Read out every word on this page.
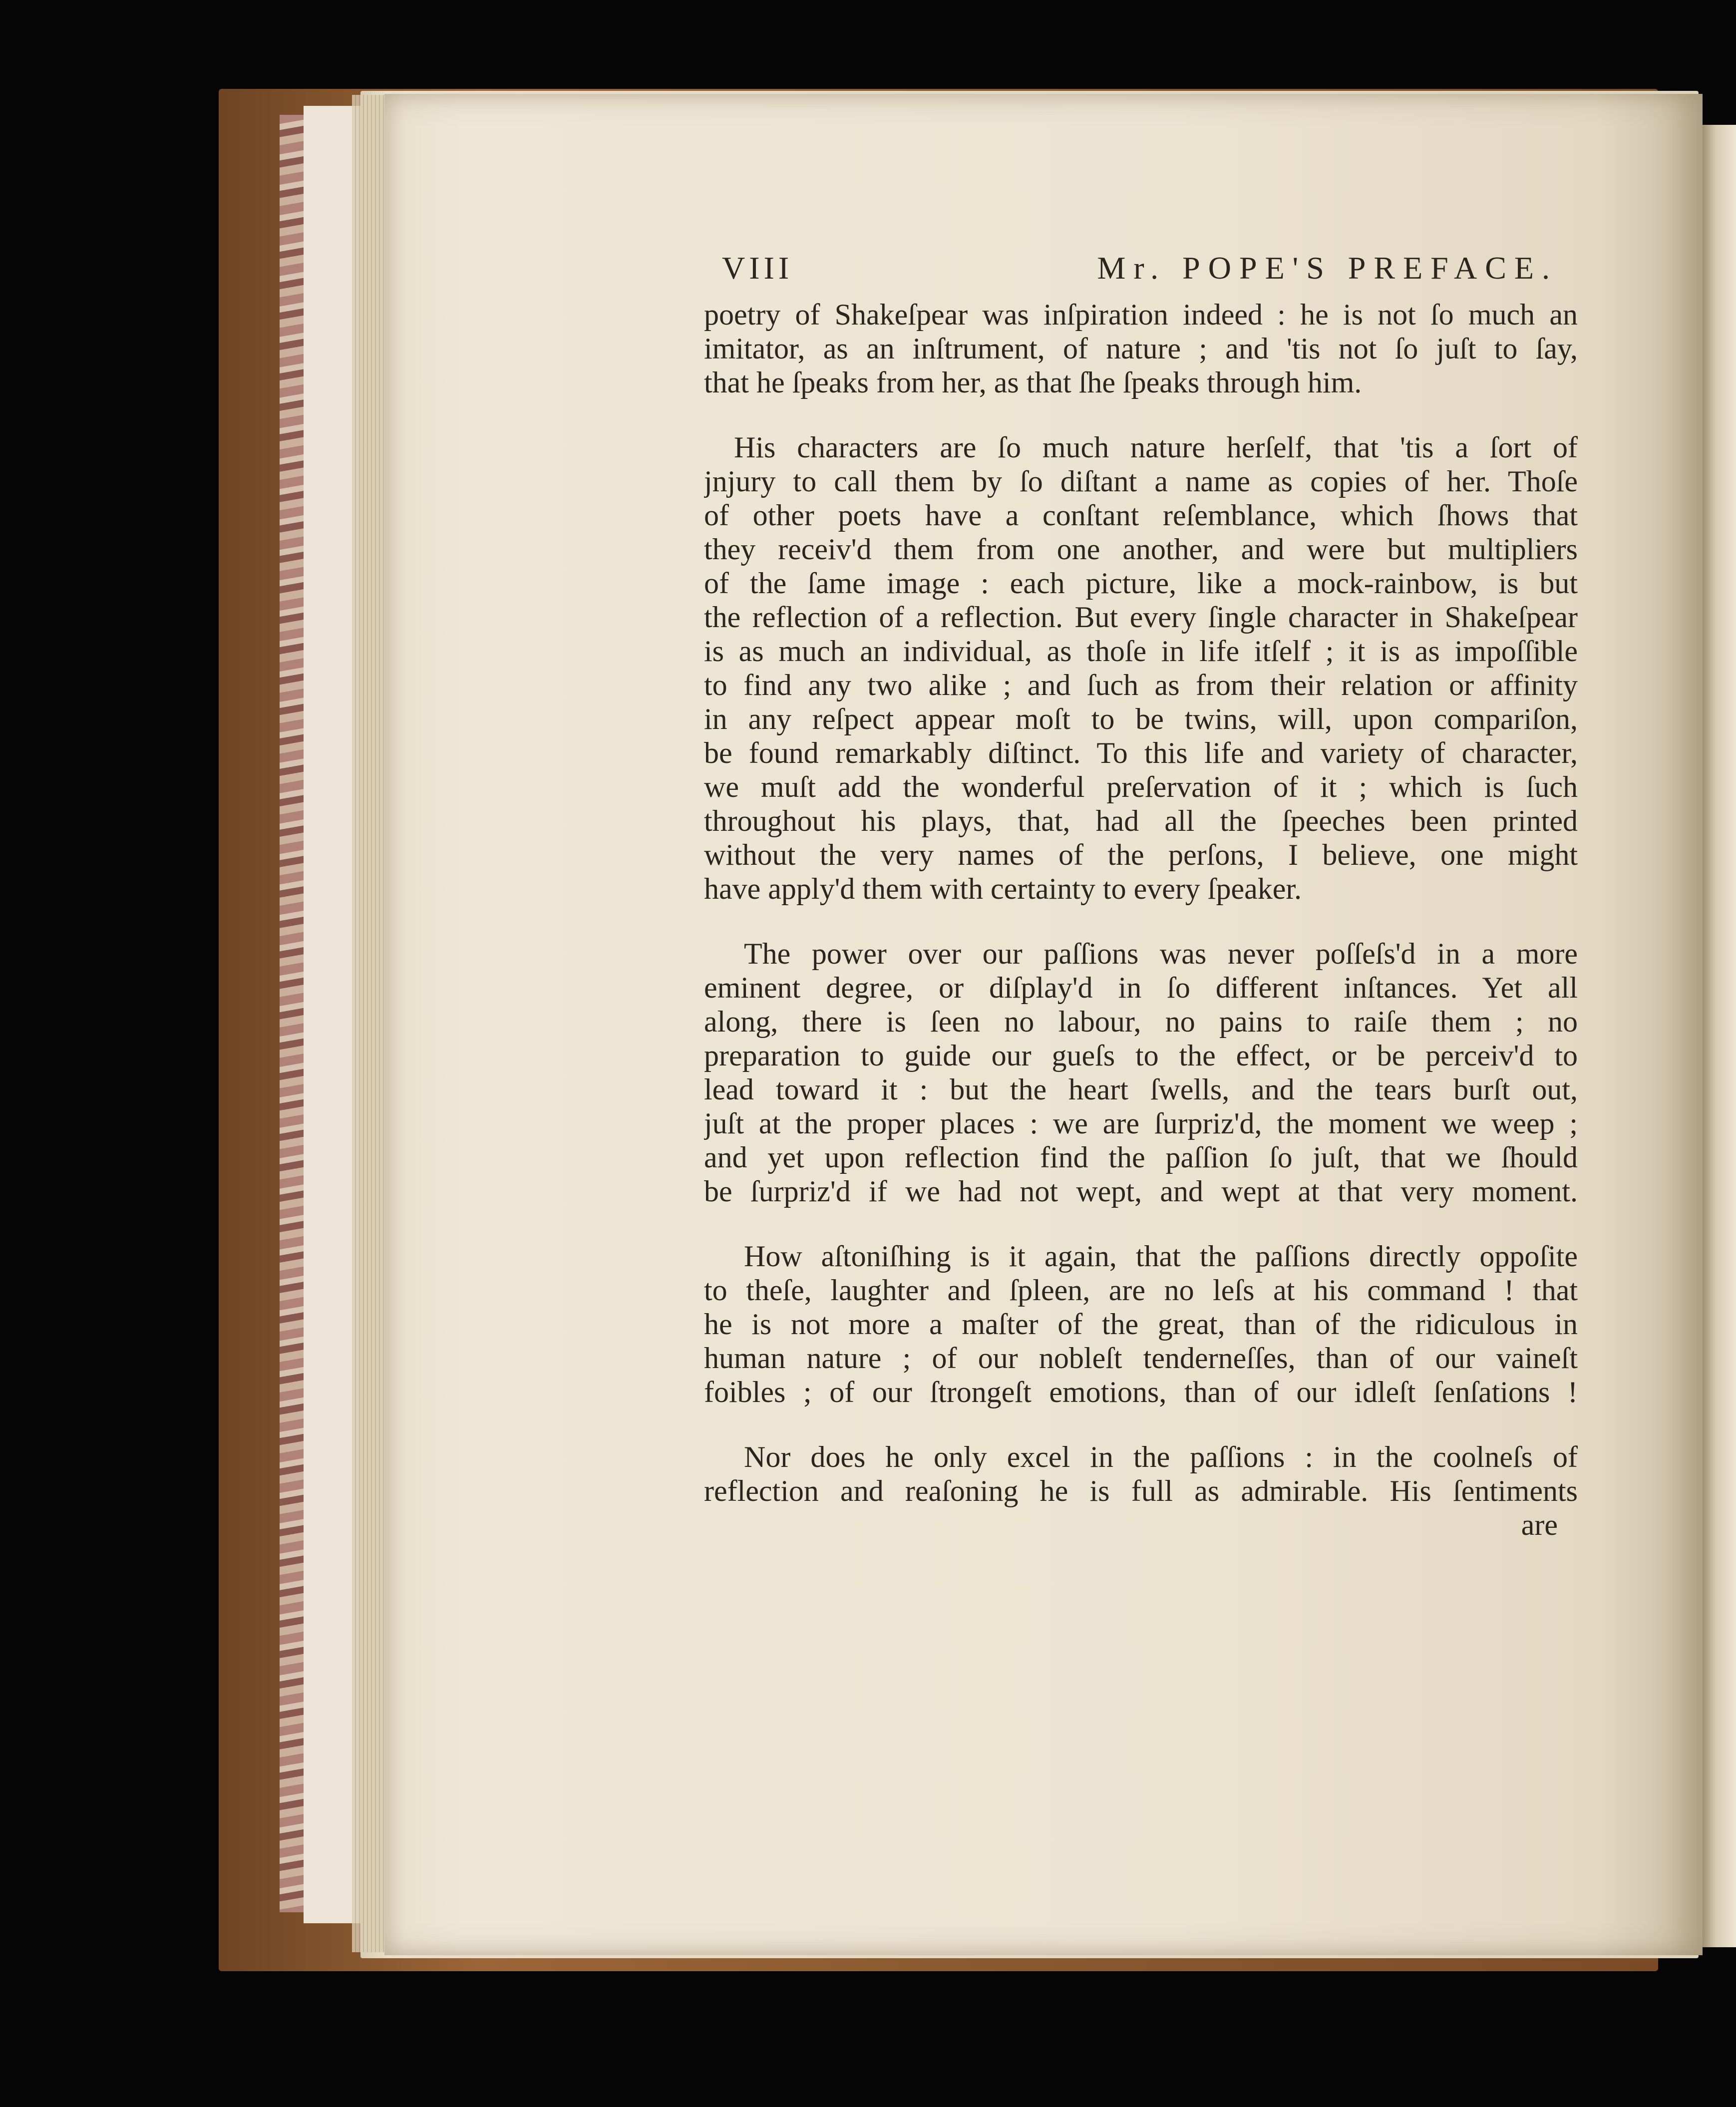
VIII	Mr. POPE'S PREFACE.
poetry of Shakeſpear was inſpiration indeed : he is not ſo much an
imitator, as an inſtrument, of nature ; and 'tis not ſo juſt to ſay,
that he ſpeaks from her, as that ſhe ſpeaks through him.
His characters are ſo much nature herſelf, that 'tis a ſort of
jnjury to call them by ſo diſtant a name as copies of her. Thoſe
of other poets have a conſtant reſemblance, which ſhows that
they receiv'd them from one another, and were but multipliers
of the ſame image : each picture, like a mock-rainbow, is but
the reflection of a reflection. But every ſingle character in Shakeſpear
is as much an individual, as thoſe in life itſelf ; it is as impoſſible
to find any two alike ; and ſuch as from their relation or affinity
in any reſpect appear moſt to be twins, will, upon compariſon,
be found remarkably diſtinct. To this life and variety of character,
we muſt add the wonderful preſervation of it ; which is ſuch
throughout his plays, that, had all the ſpeeches been printed
without the very names of the perſons, I believe, one might
have apply'd them with certainty to every ſpeaker.
The power over our paſſions was never poſſeſs'd in a more
eminent degree, or diſplay'd in ſo different inſtances. Yet all
along, there is ſeen no labour, no pains to raiſe them ; no
preparation to guide our gueſs to the effect, or be perceiv'd to
lead toward it : but the heart ſwells, and the tears burſt out,
juſt at the proper places : we are ſurpriz'd, the moment we weep ;
and yet upon reflection find the paſſion ſo juſt, that we ſhould
be ſurpriz'd if we had not wept, and wept at that very moment.
How aſtoniſhing is it again, that the paſſions directly oppoſite
to theſe, laughter and ſpleen, are no leſs at his command ! that
he is not more a maſter of the great, than of the ridiculous in
human nature ; of our nobleſt tenderneſſes, than of our vaineſt
foibles ; of our ſtrongeſt emotions, than of our idleſt ſenſations !
Nor does he only excel in the paſſions : in the coolneſs of
reflection and reaſoning he is full as admirable. His ſentiments
are
